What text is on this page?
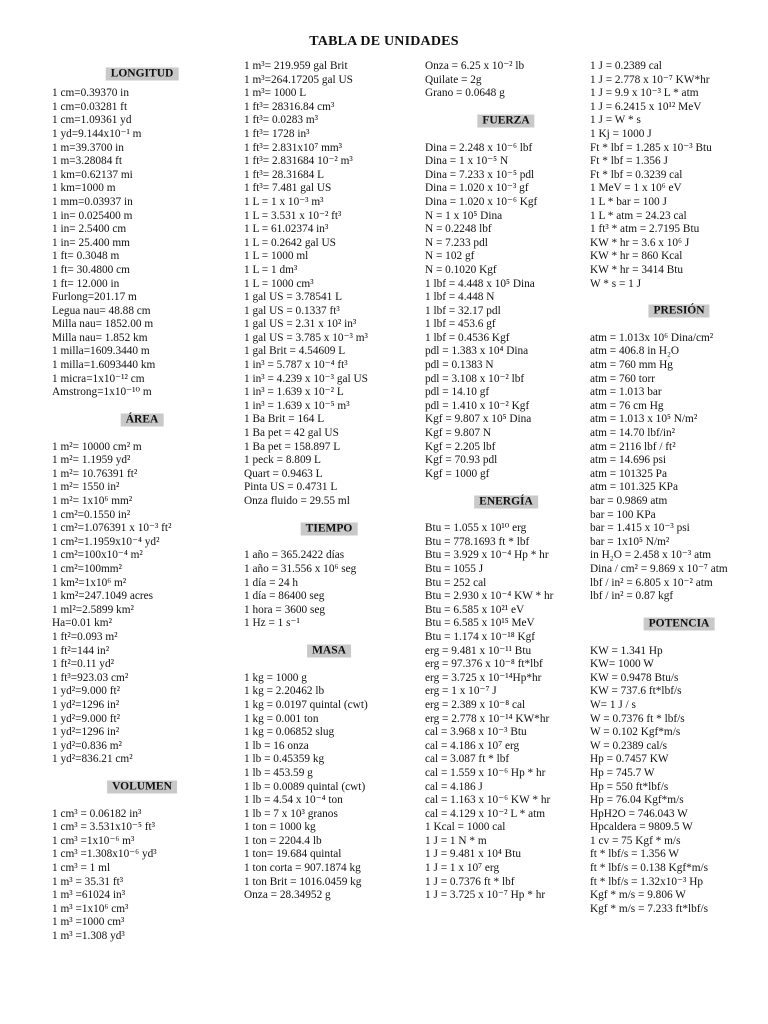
TABLA DE UNIDADES
LONGITUD
1 cm=0.39370 in
1 cm=0.03281 ft
1 cm=1.09361 yd
1 yd=9.144x10⁻¹ m
1 m=39.3700 in
1 m=3.28084 ft
1 km=0.62137 mi
1 km=1000 m
1 mm=0.03937 in
1 in= 0.025400 m
1 in= 2.5400 cm
1 in= 25.400 mm
1 ft= 0.3048 m
1 ft= 30.4800 cm
1 ft= 12.000 in
Furlong=201.17 m
Legua nau= 48.88 cm
Milla nau= 1852.00 m
Milla nau= 1.852 km
1 milla=1609.3440 m
1 milla=1.6093440 km
1 micra=1x10⁻¹² cm
Amstrong=1x10⁻¹⁰ m
ÁREA
1 m²= 10000 cm² m
1 m²= 1.1959 yd²
1 m²= 10.76391 ft²
1 m²= 1550 in²
1 m²= 1x10⁶ mm²
1 cm²=0.1550 in²
1 cm²=1.076391 x 10⁻³ ft²
1 cm²=1.1959x10⁻⁴ yd²
1 cm²=100x10⁻⁴ m²
1 cm²=100mm²
1 km²=1x10⁶ m²
1 km²=247.1049 acres
1 ml²=2.5899 km²
Ha=0.01 km²
1 ft²=0.093 m²
1 ft²=144 in²
1 ft²=0.11 yd²
1 ft³=923.03 cm²
1 yd²=9.000 ft²
1 yd²=1296 in²
1 yd²=9.000 ft²
1 yd²=1296 in²
1 yd²=0.836 m²
1 yd²=836.21 cm²
VOLUMEN
1 cm³ = 0.06182 in³
1 cm³ = 3.531x10⁻⁵ ft³
1 cm³ =1x10⁻⁶ m³
1 cm³ =1.308x10⁻⁶ yd³
1 cm³ = 1 ml
1 m³ = 35.31 ft³
1 m³ =61024 in³
1 m³ =1x10⁶ cm³
1 m³ =1000 cm³
1 m³ =1.308 yd³
1 m³= 219.959 gal Brit
1 m³=264.17205 gal US
1 m³= 1000 L
1 ft³= 28316.84 cm³
1 ft³= 0.0283 m³
1 ft³= 1728 in³
1 ft³= 2.831x10⁷ mm³
1 ft³= 2.831684 10⁻² m³
1 ft³= 28.31684 L
1 ft³= 7.481 gal US
1 L = 1 x 10⁻³ m³
1 L = 3.531 x 10⁻² ft³
1 L = 61.02374 in³
1 L = 0.2642 gal US
1 L = 1000 ml
1 L = 1 dm³
1 L = 1000 cm³
1 gal US = 3.78541 L
1 gal US = 0.1337 ft³
1 gal US = 2.31 x 10² in³
1 gal US = 3.785 x 10⁻³ m³
1 gal Brit = 4.54609 L
1 in³ = 5.787 x 10⁻⁴ ft³
1 in³ = 4.239 x 10⁻³ gal US
1 in³ = 1.639 x 10⁻² L
1 in³ = 1.639 x 10⁻⁵ m³
1 Ba Brit = 164 L
1 Ba pet = 42 gal US
1 Ba pet = 158.897 L
1 peck = 8.809 L
Quart = 0.9463 L
Pinta US = 0.4731 L
Onza fluido = 29.55 ml
TIEMPO
1 año = 365.2422 días
1 año = 31.556 x 10⁶ seg
1 día = 24 h
1 día = 86400 seg
1 hora = 3600 seg
1 Hz = 1 s⁻¹
MASA
1 kg = 1000 g
1 kg = 2.20462 lb
1 kg = 0.0197 quintal (cwt)
1 kg = 0.001 ton
1 kg = 0.06852 slug
1 lb = 16 onza
1 lb = 0.45359 kg
1 lb = 453.59 g
1 lb = 0.0089 quintal (cwt)
1 lb = 4.54 x 10⁻⁴ ton
1 lb = 7 x 10³ granos
1 ton = 1000 kg
1 ton = 2204.4 lb
1 ton= 19.684 quintal
1 ton corta = 907.1874 kg
1 ton Brit = 1016.0459 kg
Onza = 28.34952 g
Onza = 6.25 x 10⁻² lb
Quilate = 2g
Grano = 0.0648 g
FUERZA
Dina = 2.248 x 10⁻⁶ lbf
Dina = 1 x 10⁻⁵ N
Dina = 7.233 x 10⁻⁵ pdl
Dina = 1.020 x 10⁻³ gf
Dina = 1.020 x 10⁻⁶ Kgf
N = 1 x 10⁵ Dina
N = 0.2248 lbf
N = 7.233 pdl
N = 102 gf
N = 0.1020 Kgf
1 lbf = 4.448 x 10⁵ Dina
1 lbf = 4.448 N
1 lbf = 32.17 pdl
1 lbf = 453.6 gf
1 lbf = 0.4536 Kgf
pdl = 1.383 x 10⁴ Dina
pdl = 0.1383 N
pdl = 3.108 x 10⁻² lbf
pdl = 14.10 gf
pdl = 1.410 x 10⁻² Kgf
Kgf = 9.807 x 10⁵ Dina
Kgf = 9.807 N
Kgf = 2.205 lbf
Kgf = 70.93 pdl
Kgf = 1000 gf
ENERGÍA
Btu = 1.055 x 10¹⁰ erg
Btu = 778.1693 ft * lbf
Btu = 3.929 x 10⁻⁴ Hp * hr
Btu = 1055 J
Btu = 252 cal
Btu = 2.930 x 10⁻⁴ KW * hr
Btu = 6.585 x 10²¹ eV
Btu = 6.585 x 10¹⁵ MeV
Btu = 1.174 x 10⁻¹⁸ Kgf
erg = 9.481 x 10⁻¹¹ Btu
erg = 97.376 x 10⁻⁸ ft*lbf
erg = 3.725 x 10⁻¹⁴Hp*hr
erg = 1 x 10⁻⁷ J
erg = 2.389 x 10⁻⁸ cal
erg = 2.778 x 10⁻¹⁴ KW*hr
cal = 3.968 x 10⁻³ Btu
cal = 4.186 x 10⁷ erg
cal = 3.087 ft * lbf
cal = 1.559 x 10⁻⁶ Hp * hr
cal = 4.186 J
cal = 1.163 x 10⁻⁶ KW * hr
cal = 4.129 x 10⁻² L * atm
1 Kcal = 1000 cal
1 J = 1 N * m
1 J = 9.481 x 10⁴ Btu
1 J = 1 x 10⁷ erg
1 J = 0.7376 ft * lbf
1 J = 3.725 x 10⁻⁷ Hp * hr
1 J = 0.2389 cal
1 J = 2.778 x 10⁻⁷ KW*hr
1 J = 9.9 x 10⁻³ L * atm
1 J = 6.2415 x 10¹² MeV
1 J = W * s
1 Kj = 1000 J
Ft * lbf = 1.285 x 10⁻³ Btu
Ft * lbf = 1.356 J
Ft * lbf = 0.3239 cal
1 MeV = 1 x 10⁶ eV
1 L * bar = 100 J
1 L * atm = 24.23 cal
1 ft³ * atm = 2.7195 Btu
KW * hr = 3.6 x 10⁶ J
KW * hr = 860 Kcal
KW * hr = 3414 Btu
W * s = 1 J
PRESIÓN
atm = 1.013x 10⁶ Dina/cm²
atm = 406.8 in H₂O
atm = 760 mm Hg
atm = 760 torr
atm = 1.013 bar
atm = 76 cm Hg
atm = 1.013 x 10⁵ N/m²
atm = 14.70 lbf/in²
atm = 2116 lbf / ft²
atm = 14.696 psi
atm = 101325 Pa
atm = 101.325 KPa
bar = 0.9869 atm
bar = 100 KPa
bar = 1.415 x 10⁻³ psi
bar = 1x10⁵ N/m²
in H₂O = 2.458 x 10⁻³ atm
Dina / cm² = 9.869 x 10⁻⁷ atm
lbf / in² = 6.805 x 10⁻² atm
lbf / in² = 0.87 kgf
POTENCIA
KW = 1.341 Hp
KW= 1000 W
KW = 0.9478 Btu/s
KW = 737.6 ft*lbf/s
W= 1 J / s
W = 0.7376 ft * lbf/s
W = 0.102 Kgf*m/s
W = 0.2389 cal/s
Hp = 0.7457 KW
Hp = 745.7 W
Hp = 550 ft*lbf/s
Hp = 76.04 Kgf*m/s
HpH2O = 746.043 W
Hpcaldera = 9809.5 W
1 cv = 75 Kgf * m/s
ft * lbf/s = 1.356 W
ft * lbf/s = 0.138 Kgf*m/s
ft * lbf/s = 1.32x10⁻³ Hp
Kgf * m/s = 9.806 W
Kgf * m/s = 7.233 ft*lbf/s
